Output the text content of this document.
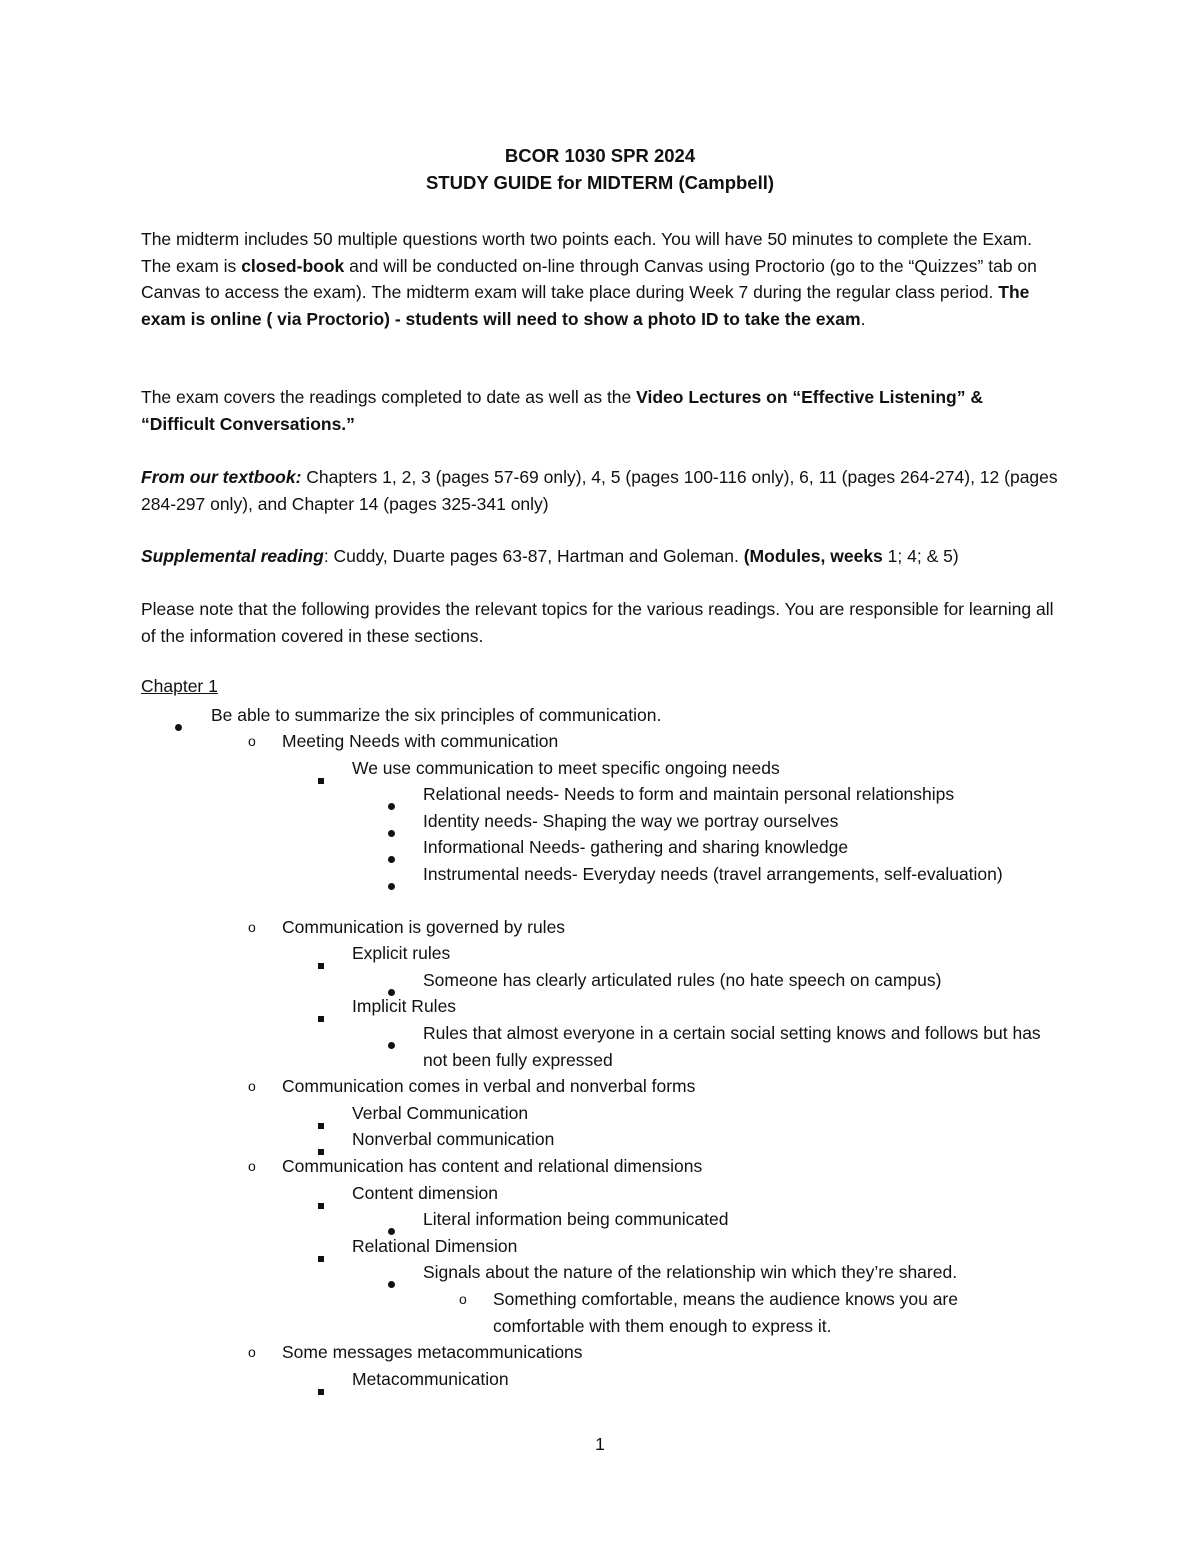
BCOR 1030 SPR 2024
STUDY GUIDE for MIDTERM (Campbell)
The midterm includes 50 multiple questions worth two points each. You will have 50 minutes to complete the Exam. The exam is closed-book and will be conducted on-line through Canvas using Proctorio (go to the “Quizzes” tab on Canvas to access the exam). The midterm exam will take place during Week 7 during the regular class period. The exam is online ( via Proctorio) - students will need to show a photo ID to take the exam.
The exam covers the readings completed to date as well as the Video Lectures on “Effective Listening” & “Difficult Conversations.”
From our textbook: Chapters 1, 2, 3 (pages 57-69 only), 4, 5 (pages 100-116 only), 6, 11 (pages 264-274), 12 (pages 284-297 only), and Chapter 14 (pages 325-341 only)
Supplemental reading: Cuddy, Duarte pages 63-87, Hartman and Goleman. (Modules, weeks 1; 4; & 5)
Please note that the following provides the relevant topics for the various readings. You are responsible for learning all of the information covered in these sections.
Chapter 1
Be able to summarize the six principles of communication.
o Meeting Needs with communication
We use communication to meet specific ongoing needs
Relational needs- Needs to form and maintain personal relationships
Identity needs- Shaping the way we portray ourselves
Informational Needs- gathering and sharing knowledge
Instrumental needs- Everyday needs (travel arrangements, self-evaluation)
o Communication is governed by rules
Explicit rules
Someone has clearly articulated rules (no hate speech on campus)
Implicit Rules
Rules that almost everyone in a certain social setting knows and follows but has not been fully expressed
o Communication comes in verbal and nonverbal forms
Verbal Communication
Nonverbal communication
o Communication has content and relational dimensions
Content dimension
Literal information being communicated
Relational Dimension
Signals about the nature of the relationship win which they’re shared.
o Something comfortable, means the audience knows you are comfortable with them enough to express it.
o Some messages metacommunications
Metacommunication
1
